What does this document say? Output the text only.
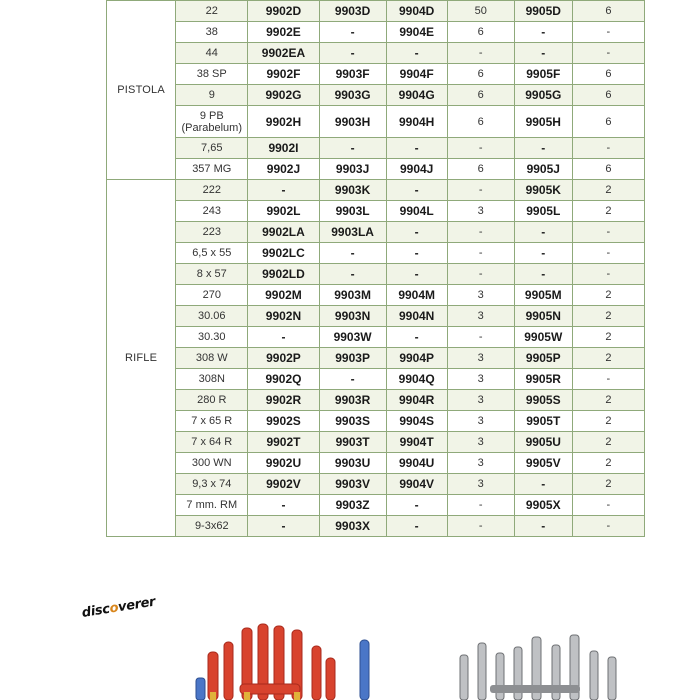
PISTOLA	22	9902D	9903D	9904D	50	9905D	6
	38	9902E	-	9904E	6	-	-
	44	9902EA	-	-	-	-	-
	38 SP	9902F	9903F	9904F	6	9905F	6
	9	9902G	9903G	9904G	6	9905G	6

	9 PB
(Parabelum)	9902H	9903H	9904H	6	9905H	6
	7,65	9902I	-	-	-	-	-
	357 MG	9902J	9903J	9904J	6	9905J	6
RIFLE	222	-	9903K	-	-	9905K	2
	243	9902L	9903L	9904L	3	9905L	2
	223	9902LA	9903LA	-	-	-	-
	6,5 x 55	9902LC	-	-	-	-	-
	8 x 57	9902LD	-	-	-	-	-
	270	9902M	9903M	9904M	3	9905M	2
	30.06	9902N	9903N	9904N	3	9905N	2
	30.30	-	9903W	-	-	9905W	2
	308 W	9902P	9903P	9904P	3	9905P	2
	308N	9902Q	-	9904Q	3	9905R	-
	280 R	9902R	9903R	9904R	3	9905S	2
	7 x 65 R	9902S	9903S	9904S	3	9905T	2
	7 x 64 R	9902T	9903T	9904T	3	9905U	2
	300 WN	9902U	9903U	9904U	3	9905V	2
	9,3 x 74	9902V	9903V	9904V	3	-	2
	7 mm. RM	-	9903Z	-	-	9905X	-
	9-3x62	-	9903X	-	-	-	-
discoverer
